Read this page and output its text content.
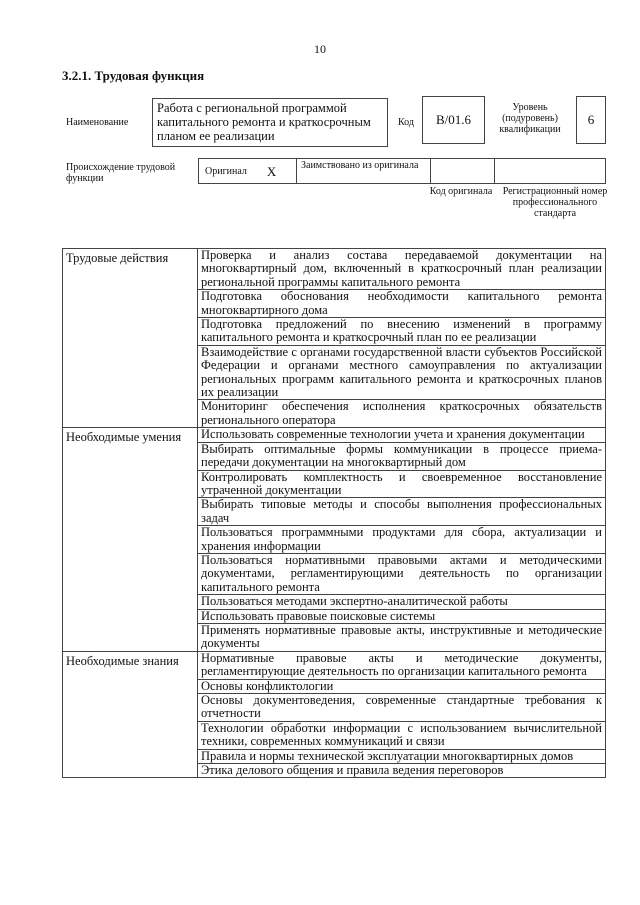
10
3.2.1. Трудовая функция
Наименование
Работа с региональной программой капитального ремонта и краткосрочным планом ее реализации
Код	В/01.6
Уровень (подуровень) квалификации
6
Происхождение трудовой функции
Оригинал X	Заимствовано из оригинала
Код оригинала	Регистрационный номер профессионального стандарта
Трудовые действия	Проверка и анализ состава передаваемой документации на многоквартирный дом, включенный в краткосрочный план реализации региональной программы капитального ремонта
	Подготовка обоснования необходимости капитального ремонта многоквартирного дома
	Подготовка предложений по внесению изменений в программу капитального ремонта и краткосрочный план по ее реализации
	Взаимодействие с органами государственной власти субъектов Российской Федерации и органами местного самоуправления по актуализации региональных программ капитального ремонта и краткосрочных планов их реализации
	Мониторинг обеспечения исполнения краткосрочных обязательств регионального оператора
Необходимые умения	Использовать современные технологии учета и хранения документации
	Выбирать оптимальные формы коммуникации в процессе приема-передачи документации на многоквартирный дом
	Контролировать комплектность и своевременное восстановление утраченной документации
	Выбирать типовые методы и способы выполнения профессиональных задач
	Пользоваться программными продуктами для сбора, актуализации и хранения информации
	Пользоваться нормативными правовыми актами и методическими документами, регламентирующими деятельность по организации капитального ремонта
	Пользоваться методами экспертно-аналитической работы
	Использовать правовые поисковые системы
	Применять нормативные правовые акты, инструктивные и методические документы
Необходимые знания	Нормативные правовые акты и методические документы, регламентирующие деятельность по организации капитального ремонта
	Основы конфликтологии
	Основы документоведения, современные стандартные требования к отчетности
	Технологии обработки информации с использованием вычислительной техники, современных коммуникаций и связи
	Правила и нормы технической эксплуатации многоквартирных домов
	Этика делового общения и правила ведения переговоров
